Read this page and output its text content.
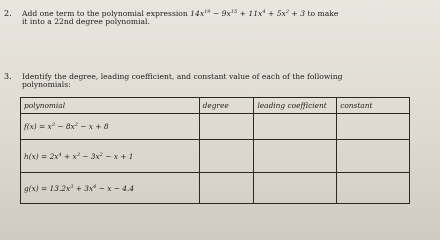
2. Add one term to the polynomial expression $14x^{19} - 9x^{15} + 11x^4 + 5x^2 + 3$ to make
it into a 22nd degree polynomial.
3. Identify the degree, leading coefficient, and constant value of each of the following
polynomials:
polynomial	degree	leading coefficient	constant
$f(x) = x^3 - 8x^2 - x + 8$			
$h(x) = 2x^4 + x^3 - 3x^2 - x + 1$			
$g(x) = 13.2x^3 + 3x^4 - x - 4.4$			
